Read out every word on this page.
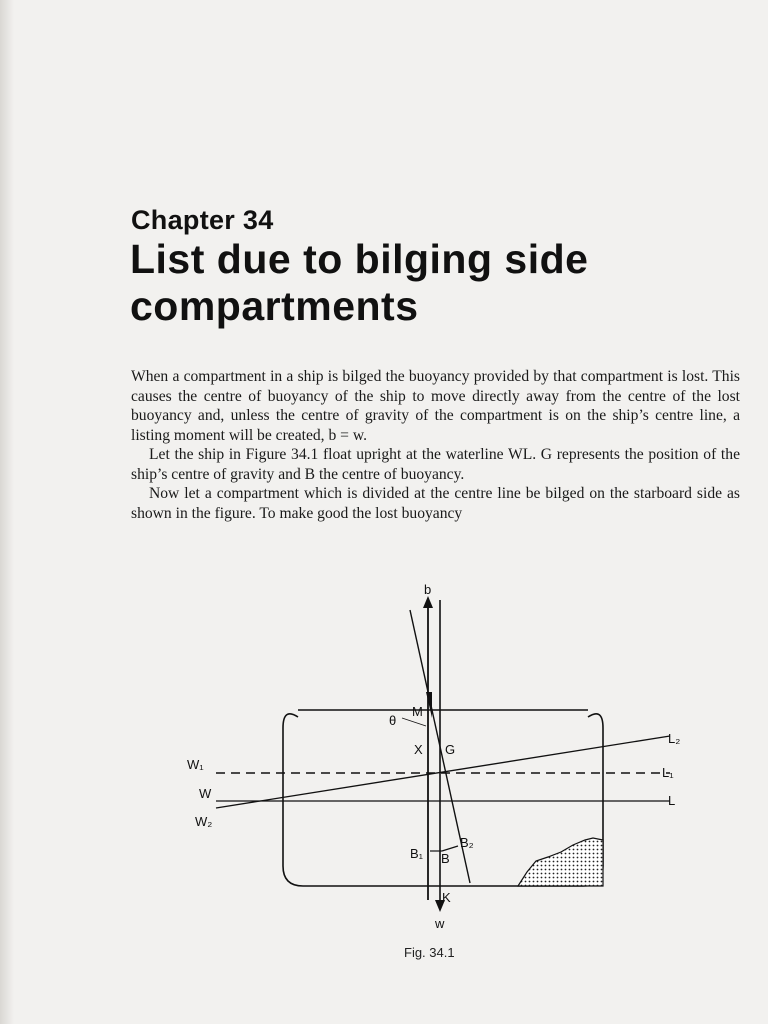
Chapter 34
List due to bilging side compartments

When a compartment in a ship is bilged the buoyancy provided by that compartment is lost. This causes the centre of buoyancy of the ship to move directly away from the centre of the lost buoyancy and, unless the centre of gravity of the compartment is on the ship’s centre line, a listing moment will be created, b = w.

Let the ship in Figure 34.1 float upright at the waterline WL. G represents the position of the ship’s centre of gravity and B the centre of buoyancy.

Now let a compartment which is divided at the centre line be bilged on the starboard side as shown in the figure. To make good the lost buoyancy

b
M
θ
X G
W₁
W
W₂
L₂
L₁
L
B₁ B
B₂
K
w
Fig. 34.1
